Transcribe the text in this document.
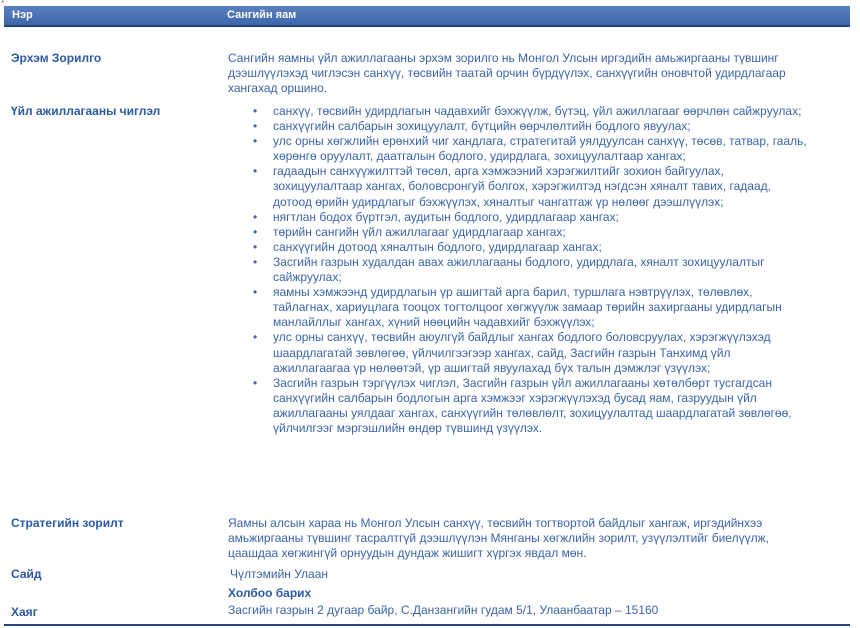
*
Нэр	Сангийн яам
Эрхэм Зорилго	Сангийн яамны үйл ажиллагааны эрхэм зорилго нь Монгол Улсын иргэдийн амьжиргааны түвшинг
дээшлүүлэхэд чиглэсэн санхүү, төсвийн таатай орчин бүрдүүлэх, санхүүгийн оновчтой удирдлагаар
хангахад оршино.
Үйл ажиллагааны чиглэл	• санхүү, төсвийн удирдлагын чадавхийг бэхжүүлж, бүтэц, үйл ажиллагааг өөрчлөн сайжруулах;
• санхүүгийн салбарын зохицуулалт, бүтцийн өөрчлөлтийн бодлого явуулах;
• улс орны хөгжлийн ерөнхий чиг хандлага, стратегитай уялдуулсан санхүү, төсөв, татвар, гааль,
хөрөнгө оруулалт, даатгалын бодлого, удирдлага, зохицуулалтаар хангах;
• гадаадын санхүүжилттэй төсөл, арга хэмжээний хэрэгжилтийг зохион байгуулах,
зохицуулалтаар хангах, боловсронгуй болгох, хэрэгжилтэд нэгдсэн хяналт тавих, гадаад,
дотоод өрийн удирдлагыг бэхжүүлэх, хяналтыг чангатгаж үр нөлөөг дээшлүүлэх;
• нягтлан бодох бүртгэл, аудитын бодлого, удирдлагаар хангах;
• төрийн сангийн үйл ажиллагааг удирдлагаар хангах;
• санхүүгийн дотоод хяналтын бодлого, удирдлагаар хангах;
• Засгийн газрын худалдан авах ажиллагааны бодлого, удирдлага, хяналт зохицуулалтыг
сайжруулах;
• яамны хэмжээнд удирдлагын үр ашигтай арга барил, туршлага нэвтрүүлэх, төлөвлөх,
тайлагнах, хариуцлага тооцох тогтолцоог хөгжүүлж замаар төрийн захиргааны удирдлагын
манлайллыг хангах, хүний нөөцийн чадавхийг бэхжүүлэх;
• улс орны санхүү, төсвийн аюулгүй байдлыг хангах бодлого боловсруулах, хэрэгжүүлэхэд
шаардлагатай зөвлөгөө, үйлчилгээгээр хангах, сайд, Засгийн газрын Танхимд үйл
ажиллагаагаа үр нөлөөтэй, үр ашигтай явуулахад бүх талын дэмжлэг үзүүлэх;
• Засгийн газрын тэргүүлэх чиглэл, Засгийн газрын үйл ажиллагааны хөтөлбөрт тусгагдсан
санхүүгийн салбарын бодлогын арга хэмжээг хэрэгжүүлэхэд бусад яам, газруудын үйл
ажиллагааны уялдааг хангах, санхүүгийн төлөвлөлт, зохицуулалтад шаардлагатай зөвлөгөө,
үйлчилгээг мэргэшлийн өндөр түвшинд үзүүлэх.
Стратегийн зорилт	Яамны алсын хараа нь Монгол Улсын санхүү, төсвийн тогтвортой байдлыг хангаж, иргэдийнхээ
амьжиргааны түвшинг тасралтгүй дээшлүүлэн Мянганы хөгжлийн зорилт, узүүлэлтийг биелүүлж,
цаашдаа хөгжингүй орнуудын дундаж жишигт хүргэх явдал мөн.
Сайд	Чүлтэмийн Улаан
Холбоо барих
Хаяг	Засгийн газрын 2 дугаар байр, С.Данзангийн гудам 5/1, Улаанбаатар – 15160
